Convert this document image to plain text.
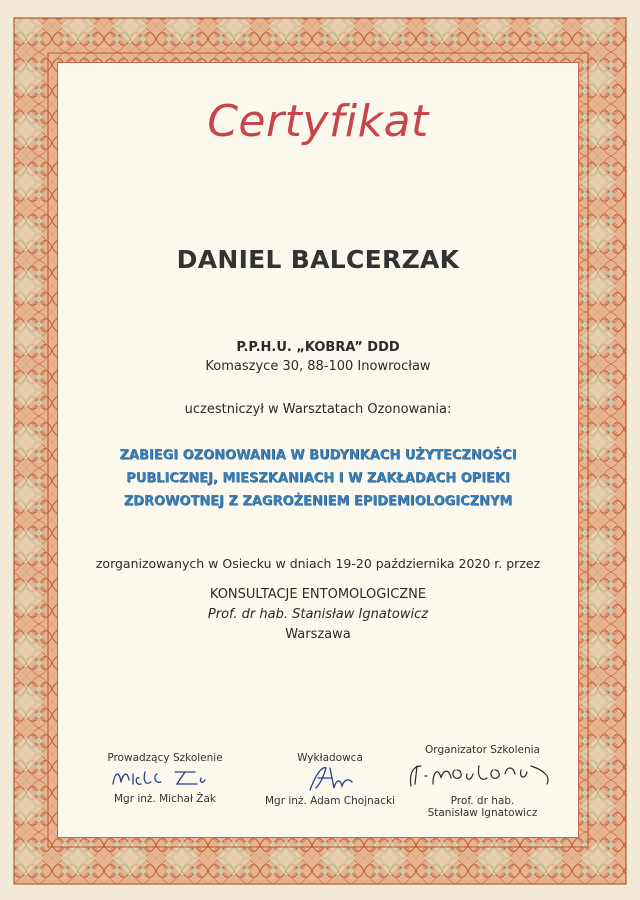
Certyfikat
DANIEL BALCERZAK
P.P.H.U. „KOBRA” DDD
Komaszyce 30, 88-100 Inowrocław
uczestniczył w Warsztatach Ozonowania:
ZABIEGI OZONOWANIA W BUDYNKACH UŻYTECZNOŚCI
PUBLICZNEJ, MIESZKANIACH I W ZAKŁADACH OPIEKI
ZDROWOTNEJ Z ZAGROŻENIEM EPIDEMIOLOGICZNYM
zorganizowanych w Osiecku w dniach 19-20 października 2020 r. przez
KONSULTACJE ENTOMOLOGICZNE
Prof. dr hab. Stanisław Ignatowicz
Warszawa
Prowadzący Szkolenie
Mgr inż. Michał Żak
Wykładowca
Mgr inż. Adam Chojnacki
Organizator Szkolenia
Prof. dr hab.
Stanisław Ignatowicz
